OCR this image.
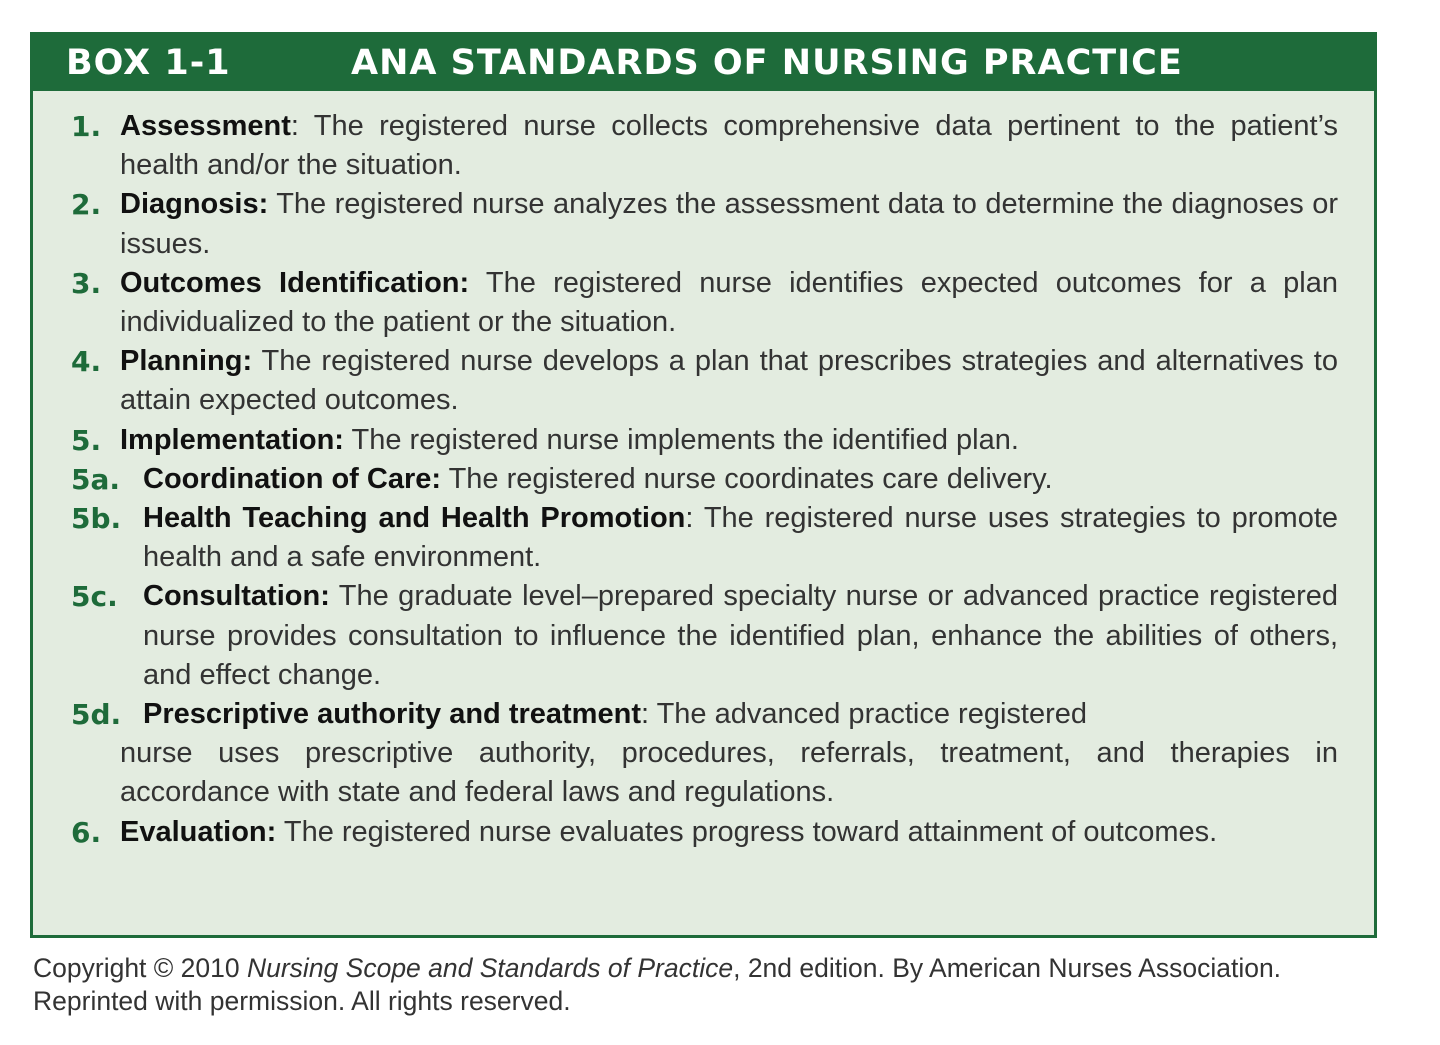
BOX 1-1	ANA STANDARDS OF NURSING PRACTICE
1. Assessment: The registered nurse collects comprehensive data pertinent to the patient’s health and/or the situation.
2. Diagnosis: The registered nurse analyzes the assessment data to determine the diagnoses or issues.
3. Outcomes Identification: The registered nurse identifies expected outcomes for a plan individualized to the patient or the situation.
4. Planning: The registered nurse develops a plan that prescribes strategies and alternatives to attain expected outcomes.
5. Implementation: The registered nurse implements the identified plan.
5a. Coordination of Care: The registered nurse coordinates care delivery.
5b. Health Teaching and Health Promotion: The registered nurse uses strategies to promote health and a safe environment.
5c. Consultation: The graduate level–prepared specialty nurse or advanced practice registered nurse provides consultation to influence the identified plan, enhance the abilities of others, and effect change.
5d. Prescriptive authority and treatment: The advanced practice registered
nurse uses prescriptive authority, procedures, referrals, treatment, and therapies in accordance with state and federal laws and regulations.
6. Evaluation: The registered nurse evaluates progress toward attainment of outcomes.
Copyright © 2010 Nursing Scope and Standards of Practice, 2nd edition. By American Nurses Association. Reprinted with permission. All rights reserved.
